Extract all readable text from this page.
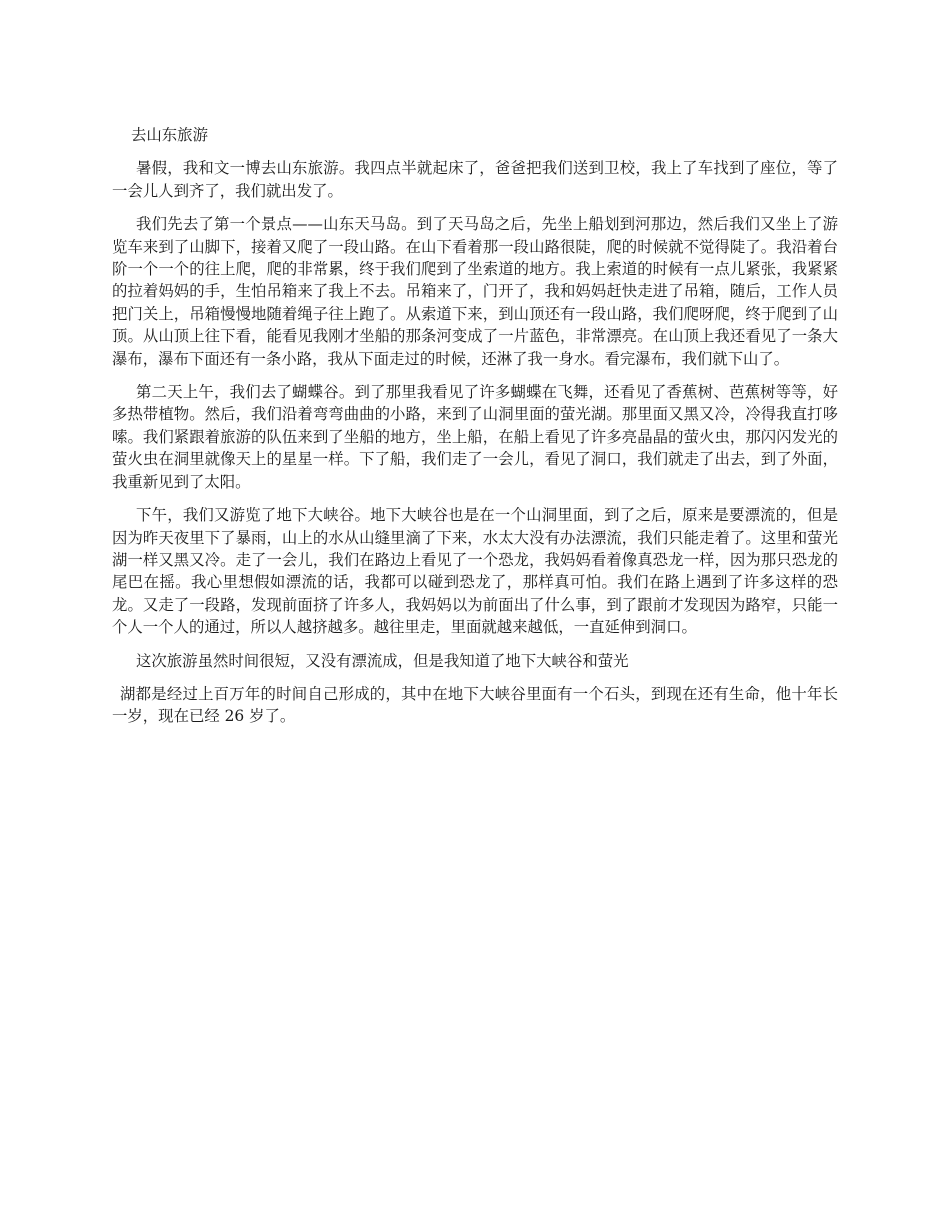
去山东旅游

暑假，我和文一博去山东旅游。我四点半就起床了，爸爸把我们送到卫校，我上了车找到了座位，等了一会儿人到齐了，我们就出发了。

我们先去了第一个景点——山东天马岛。到了天马岛之后，先坐上船划到河那边，然后我们又坐上了游览车来到了山脚下，接着又爬了一段山路。在山下看着那一段山路很陡，爬的时候就不觉得陡了。我沿着台阶一个一个的往上爬，爬的非常累，终于我们爬到了坐索道的地方。我上索道的时候有一点儿紧张，我紧紧的拉着妈妈的手，生怕吊箱来了我上不去。吊箱来了，门开了，我和妈妈赶快走进了吊箱，随后，工作人员把门关上，吊箱慢慢地随着绳子往上跑了。从索道下来，到山顶还有一段山路，我们爬呀爬，终于爬到了山顶。从山顶上往下看，能看见我刚才坐船的那条河变成了一片蓝色，非常漂亮。在山顶上我还看见了一条大瀑布，瀑布下面还有一条小路，我从下面走过的时候，还淋了我一身水。看完瀑布，我们就下山了。

第二天上午，我们去了蝴蝶谷。到了那里我看见了许多蝴蝶在飞舞，还看见了香蕉树、芭蕉树等等，好多热带植物。然后，我们沿着弯弯曲曲的小路，来到了山洞里面的萤光湖。那里面又黑又冷，冷得我直打哆嗦。我们紧跟着旅游的队伍来到了坐船的地方，坐上船，在船上看见了许多亮晶晶的萤火虫，那闪闪发光的萤火虫在洞里就像天上的星星一样。下了船，我们走了一会儿，看见了洞口，我们就走了出去，到了外面，我重新见到了太阳。

下午，我们又游览了地下大峡谷。地下大峡谷也是在一个山洞里面，到了之后，原来是要漂流的，但是因为昨天夜里下了暴雨，山上的水从山缝里滴了下来，水太大没有办法漂流，我们只能走着了。这里和萤光湖一样又黑又冷。走了一会儿，我们在路边上看见了一个恐龙，我妈妈看着像真恐龙一样，因为那只恐龙的尾巴在摇。我心里想假如漂流的话，我都可以碰到恐龙了，那样真可怕。我们在路上遇到了许多这样的恐龙。又走了一段路，发现前面挤了许多人，我妈妈以为前面出了什么事，到了跟前才发现因为路窄，只能一个人一个人的通过，所以人越挤越多。越往里走，里面就越来越低，一直延伸到洞口。

这次旅游虽然时间很短，又没有漂流成，但是我知道了地下大峡谷和萤光

湖都是经过上百万年的时间自己形成的，其中在地下大峡谷里面有一个石头，到现在还有生命，他十年长一岁，现在已经 26 岁了。
